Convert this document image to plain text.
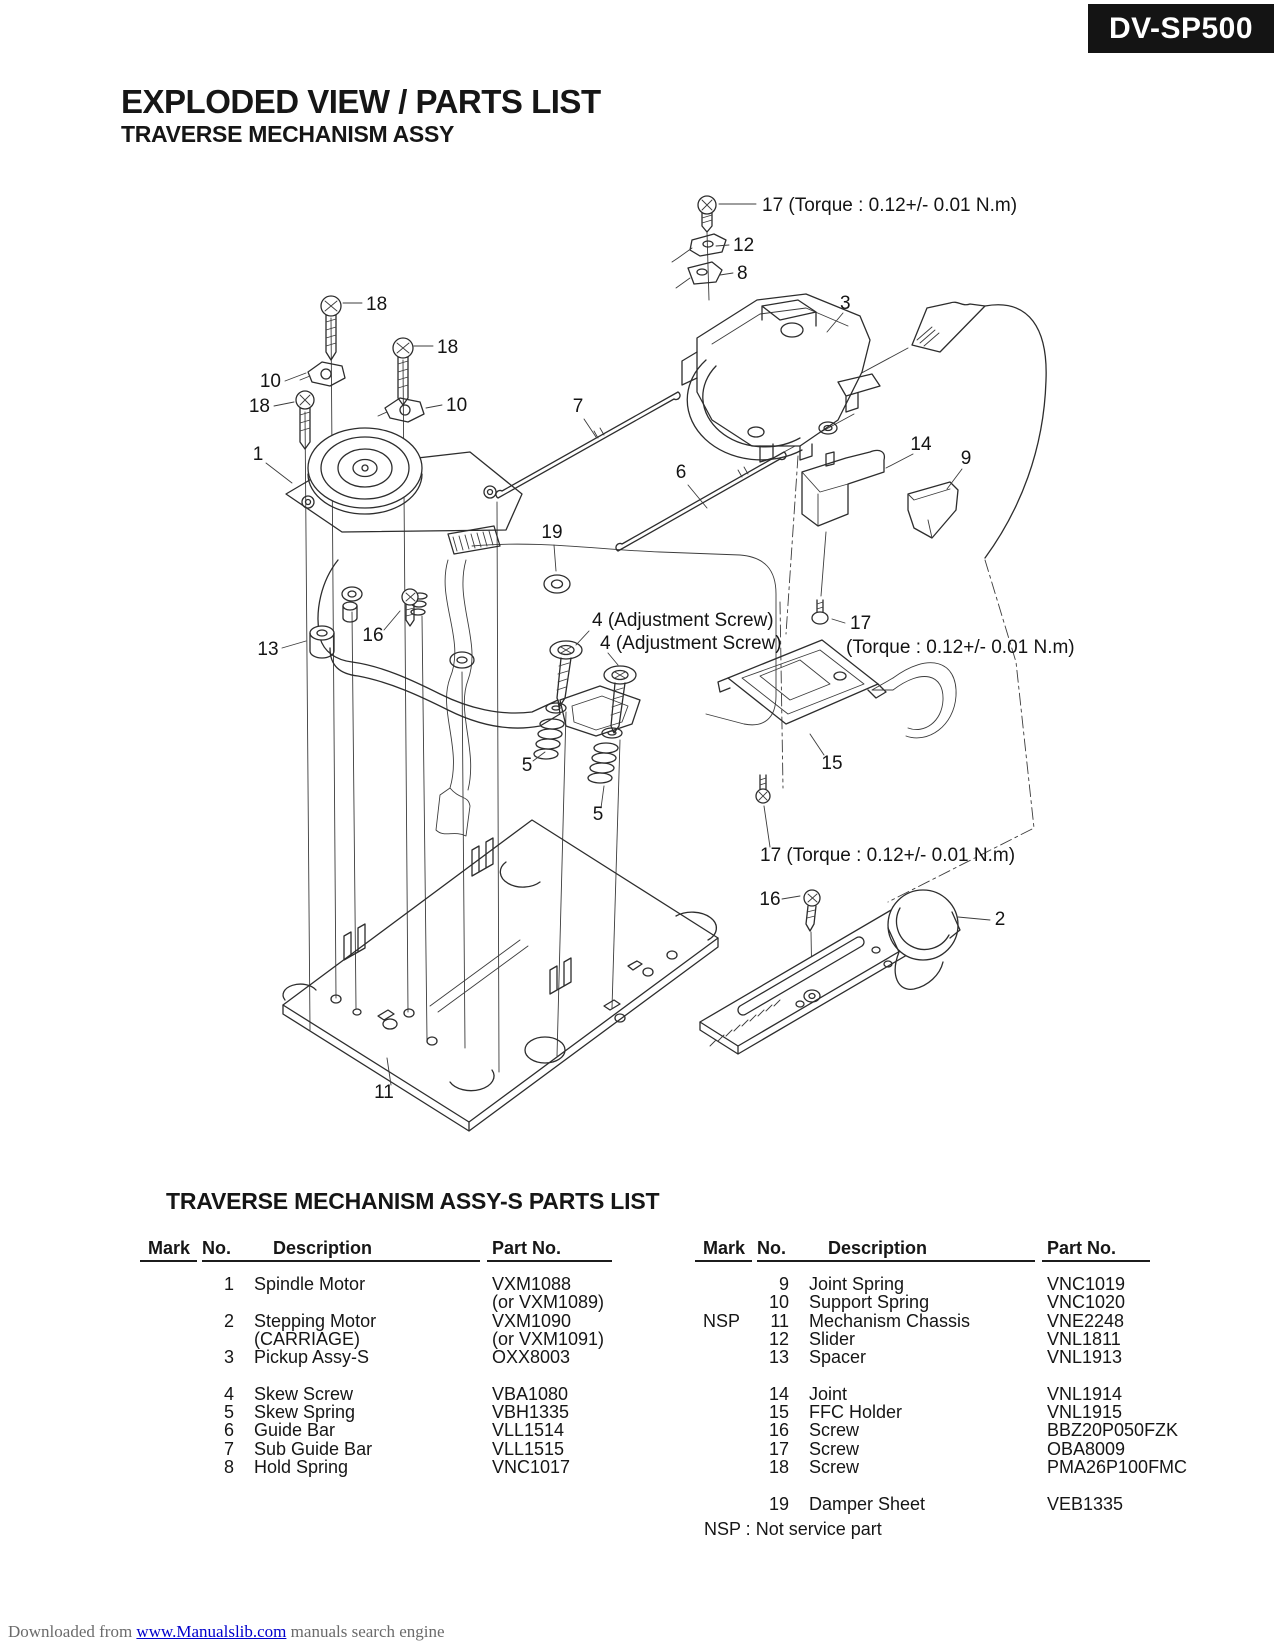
DV-SP500
EXPLODED VIEW / PARTS LIST
TRAVERSE MECHANISM ASSY
17 (Torque : 0.12+/- 0.01 N.m)
12
8
3
18
18
10
18	10	7
1
6
14
9
19
16
13
4 (Adjustment Screw)
4 (Adjustment Screw)
17
(Torque : 0.12+/- 0.01 N.m)
15
5
5
17 (Torque : 0.12+/- 0.01 N.m)
16
2
11
TRAVERSE MECHANISM ASSY-S PARTS LIST
Mark No. Description	Part No.
1 Spindle Motor	VXM1088
(or VXM1089)
2 Stepping Motor	VXM1090
(CARRIAGE)	(or VXM1091)
3 Pickup Assy-S	OXX8003
4 Skew Screw	VBA1080
5 Skew Spring	VBH1335
6 Guide Bar	VLL1514
7 Sub Guide Bar	VLL1515
8 Hold Spring	VNC1017
Mark No. Description	Part No.
9 Joint Spring	VNC1019
10 Support Spring	VNC1020
NSP	11 Mechanism Chassis	VNE2248
12 Slider	VNL1811
13 Spacer	VNL1913
14 Joint	VNL1914
15 FFC Holder	VNL1915
16 Screw	BBZ20P050FZK
17 Screw	OBA8009
18 Screw	PMA26P100FMC
19 Damper Sheet	VEB1335
NSP : Not service part
Downloaded from www.Manualslib.com manuals search engine
